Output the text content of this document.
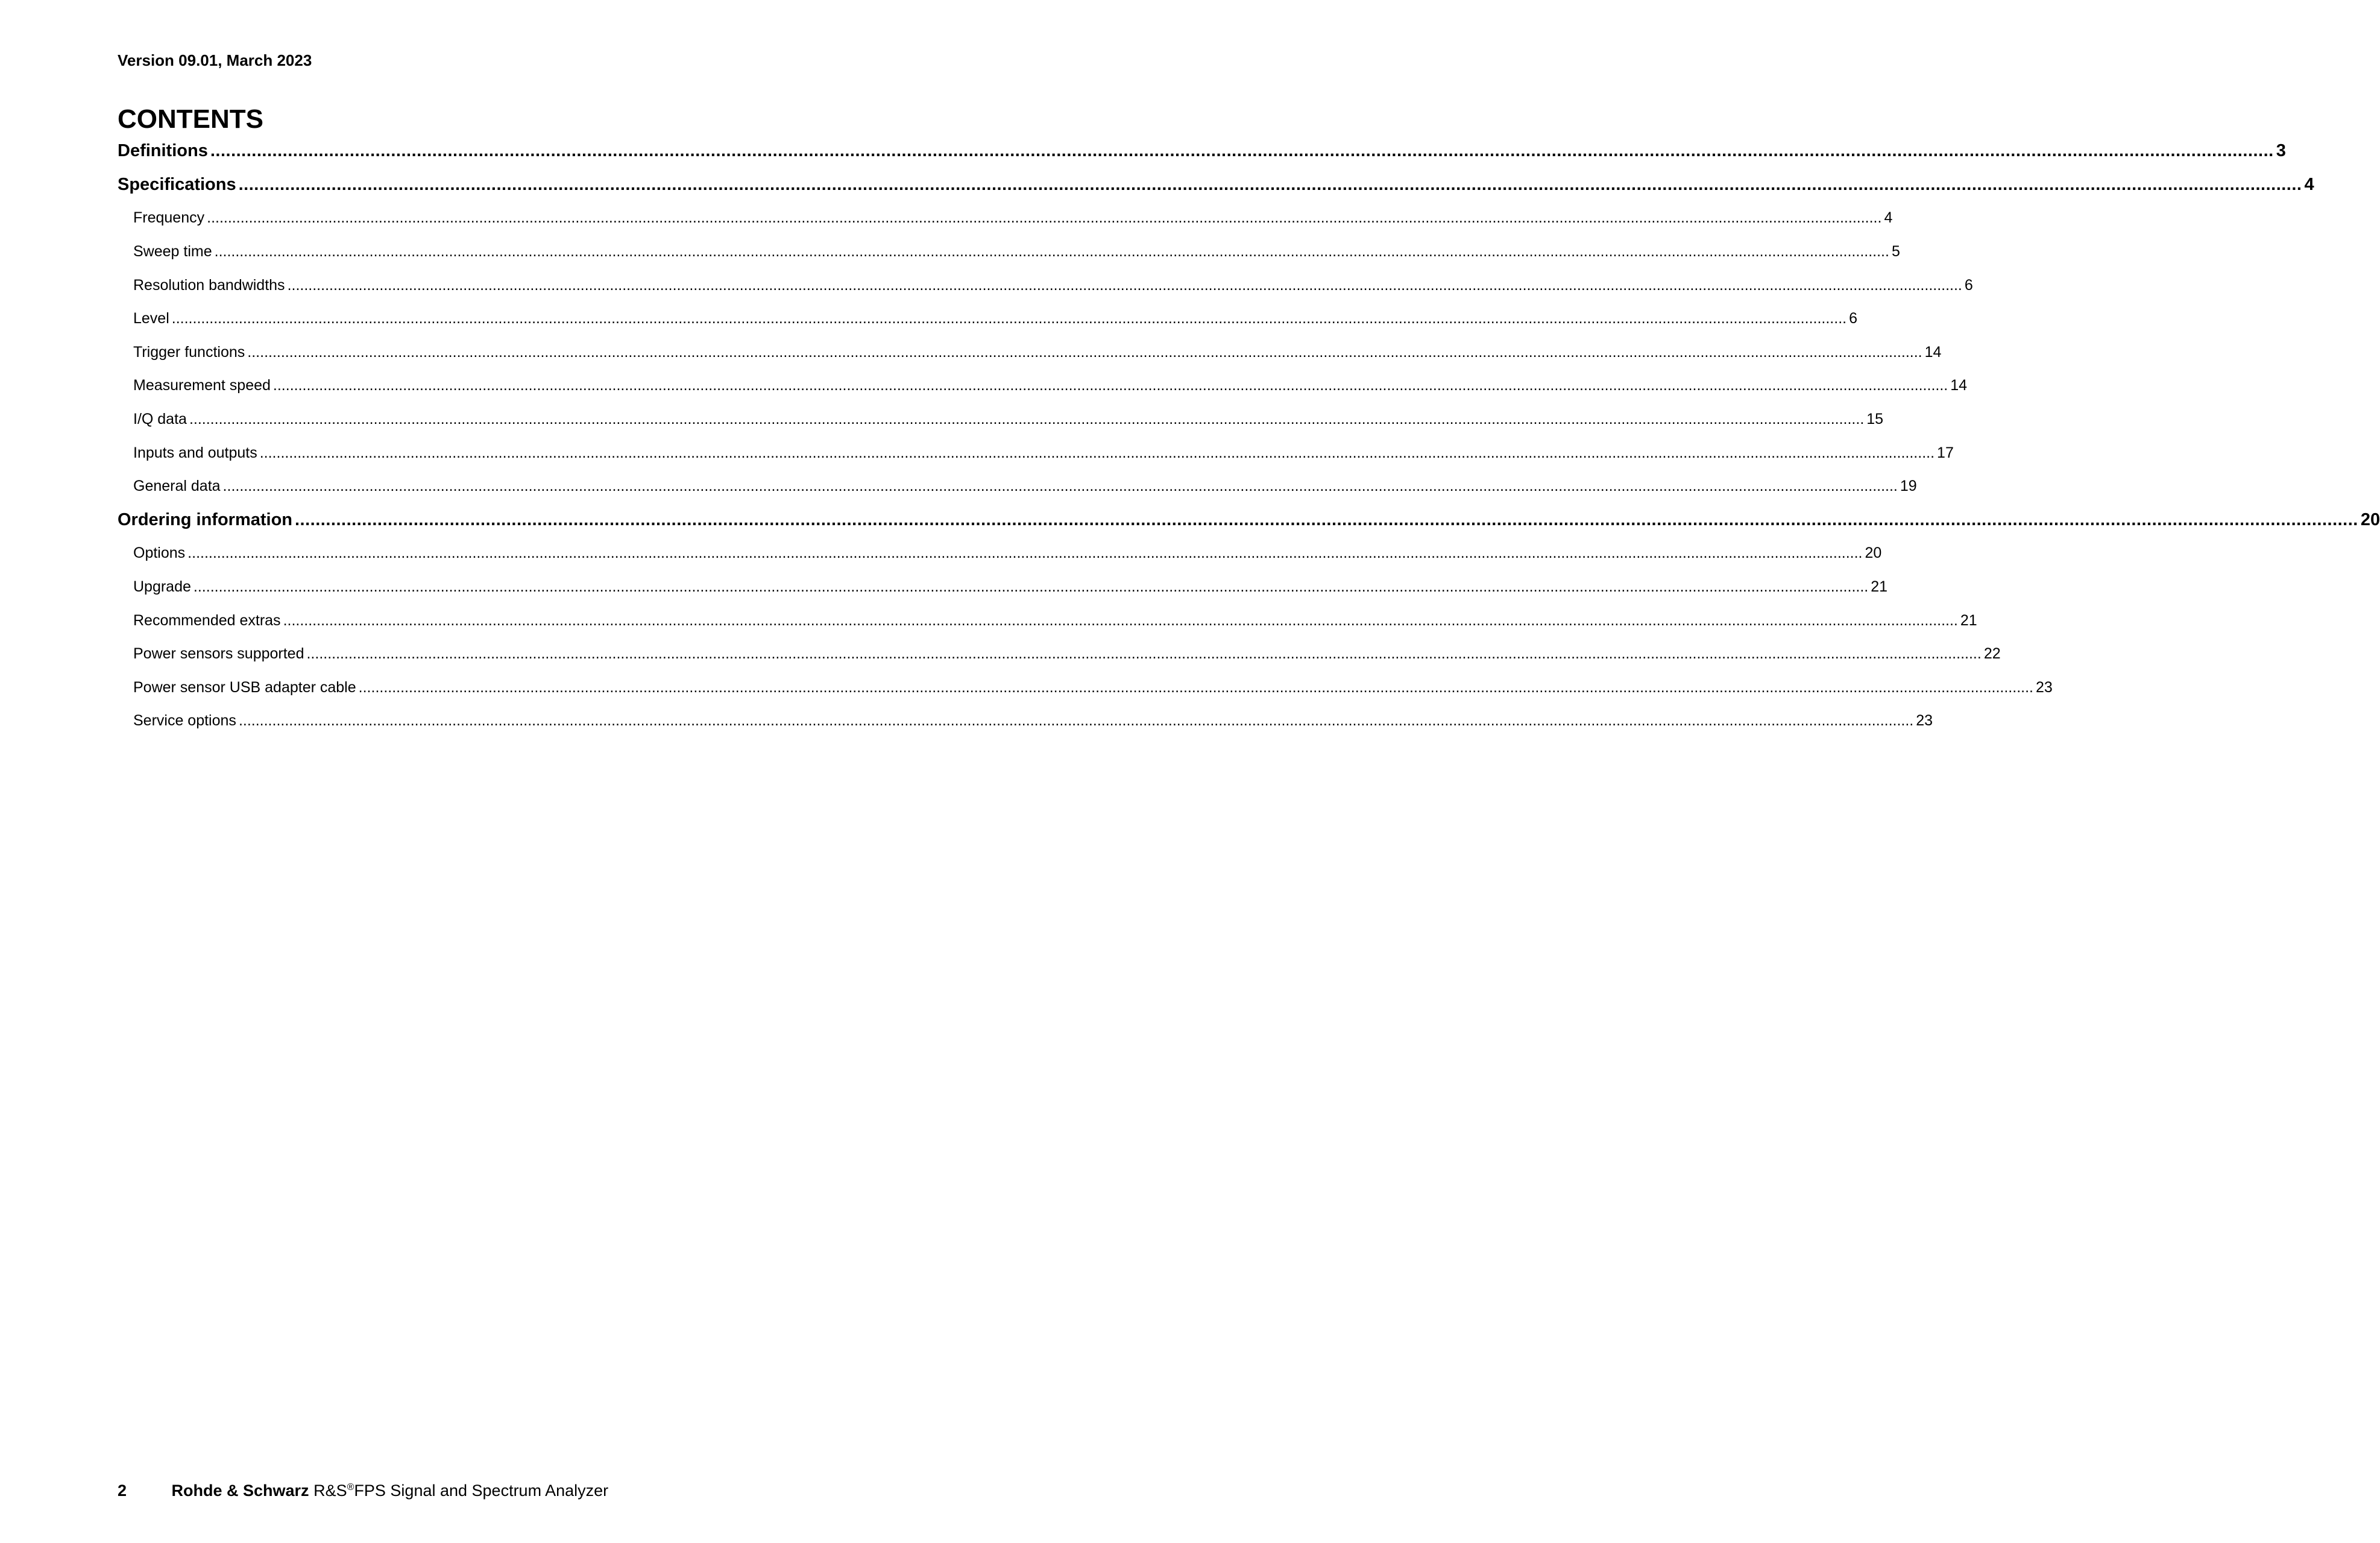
Version 09.01, March 2023
CONTENTS
Definitions ................................................................................................................................................................................................................................................................................................................................................................................................................ 3
Specifications ................................................................................................................................................................................................................................................................................................................................................................................................................ 4
Frequency ................................................................................................................................................................................................................................................................................................................................................................................................................ 4
Sweep time ................................................................................................................................................................................................................................................................................................................................................................................................................ 5
Resolution bandwidths ................................................................................................................................................................................................................................................................................................................................................................................................................ 6
Level ................................................................................................................................................................................................................................................................................................................................................................................................................ 6
Trigger functions ................................................................................................................................................................................................................................................................................................................................................................................................................ 14
Measurement speed ................................................................................................................................................................................................................................................................................................................................................................................................................ 14
I/Q data ................................................................................................................................................................................................................................................................................................................................................................................................................ 15
Inputs and outputs ................................................................................................................................................................................................................................................................................................................................................................................................................ 17
General data ................................................................................................................................................................................................................................................................................................................................................................................................................ 19
Ordering information ................................................................................................................................................................................................................................................................................................................................................................................................................ 20
Options ................................................................................................................................................................................................................................................................................................................................................................................................................ 20
Upgrade ................................................................................................................................................................................................................................................................................................................................................................................................................ 21
Recommended extras ................................................................................................................................................................................................................................................................................................................................................................................................................ 21
Power sensors supported ................................................................................................................................................................................................................................................................................................................................................................................................................ 22
Power sensor USB adapter cable ................................................................................................................................................................................................................................................................................................................................................................................................................ 23
Service options ................................................................................................................................................................................................................................................................................................................................................................................................................ 23
2	Rohde & Schwarz R&S®FPS Signal and Spectrum Analyzer
